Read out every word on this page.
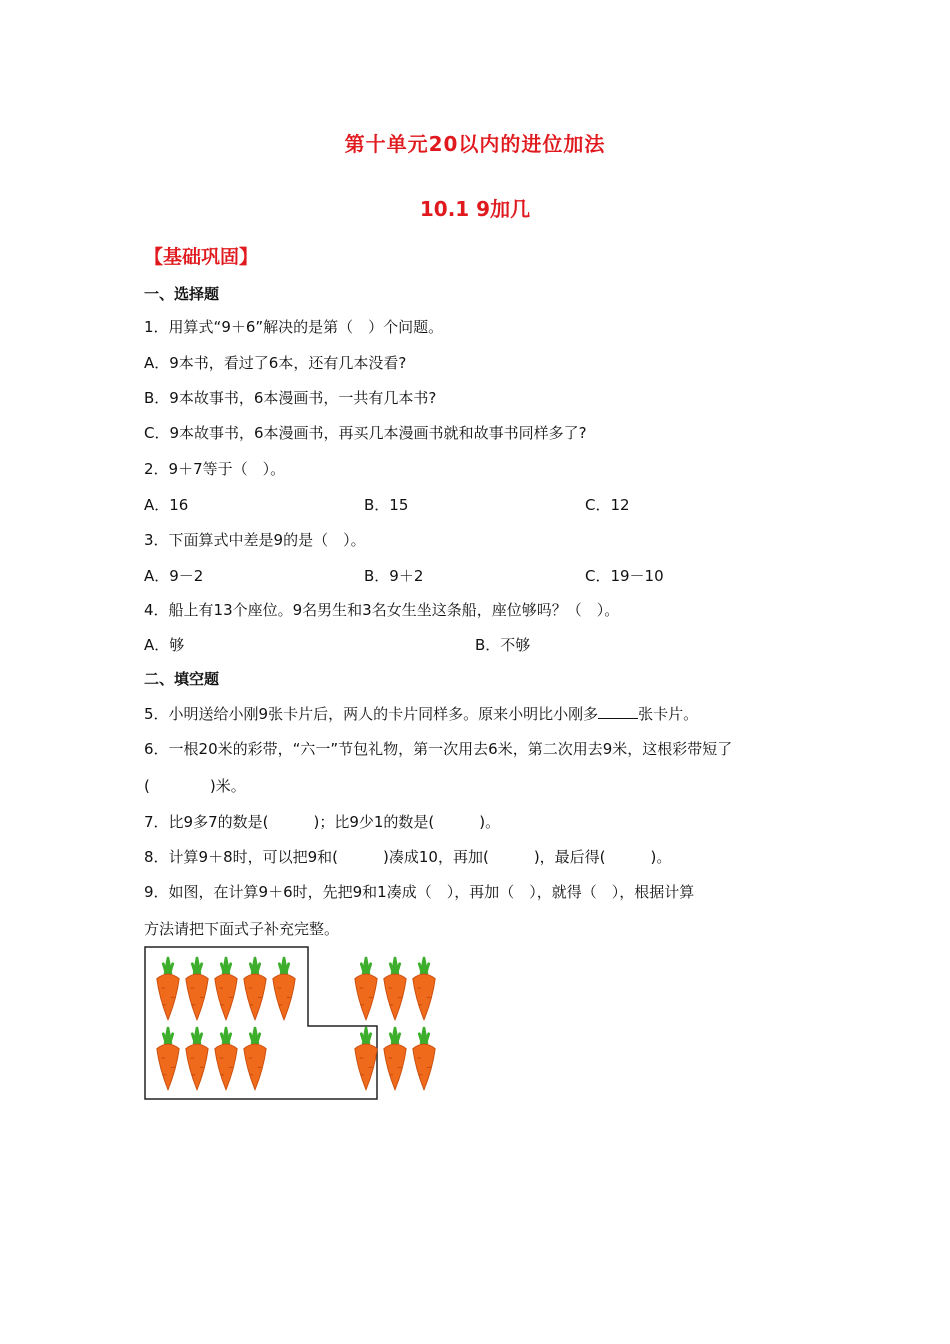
第十单元20以内的进位加法
10.1 9加几
【基础巩固】
一、选择题
1．用算式“9＋6”解决的是第（　）个问题。
A．9本书，看过了6本，还有几本没看?
B．9本故事书，6本漫画书，一共有几本书?
C．9本故事书，6本漫画书，再买几本漫画书就和故事书同样多了?
2．9＋7等于（　）。
A．16	B．15	C．12
3．下面算式中差是9的是（　）。
A．9－2	B．9＋2	C．19－10
4．船上有13个座位。9名男生和3名女生坐这条船，座位够吗？（　）。
A．够	B．不够
二、填空题
5．小明送给小刚9张卡片后，两人的卡片同样多。原来小明比小刚多	张卡片。
6．一根20米的彩带，“六一”节包礼物，第一次用去6米，第二次用去9米，这根彩带短了
(　　　　)米。
7．比9多7的数是(　　　)；比9少1的数是(　　　)。
8．计算9＋8时，可以把9和(　　　)凑成10，再加(　　　)，最后得(　　　)。
9．如图，在计算9＋6时，先把9和1凑成（　），再加（　），就得（　），根据计算
方法请把下面式子补充完整。
